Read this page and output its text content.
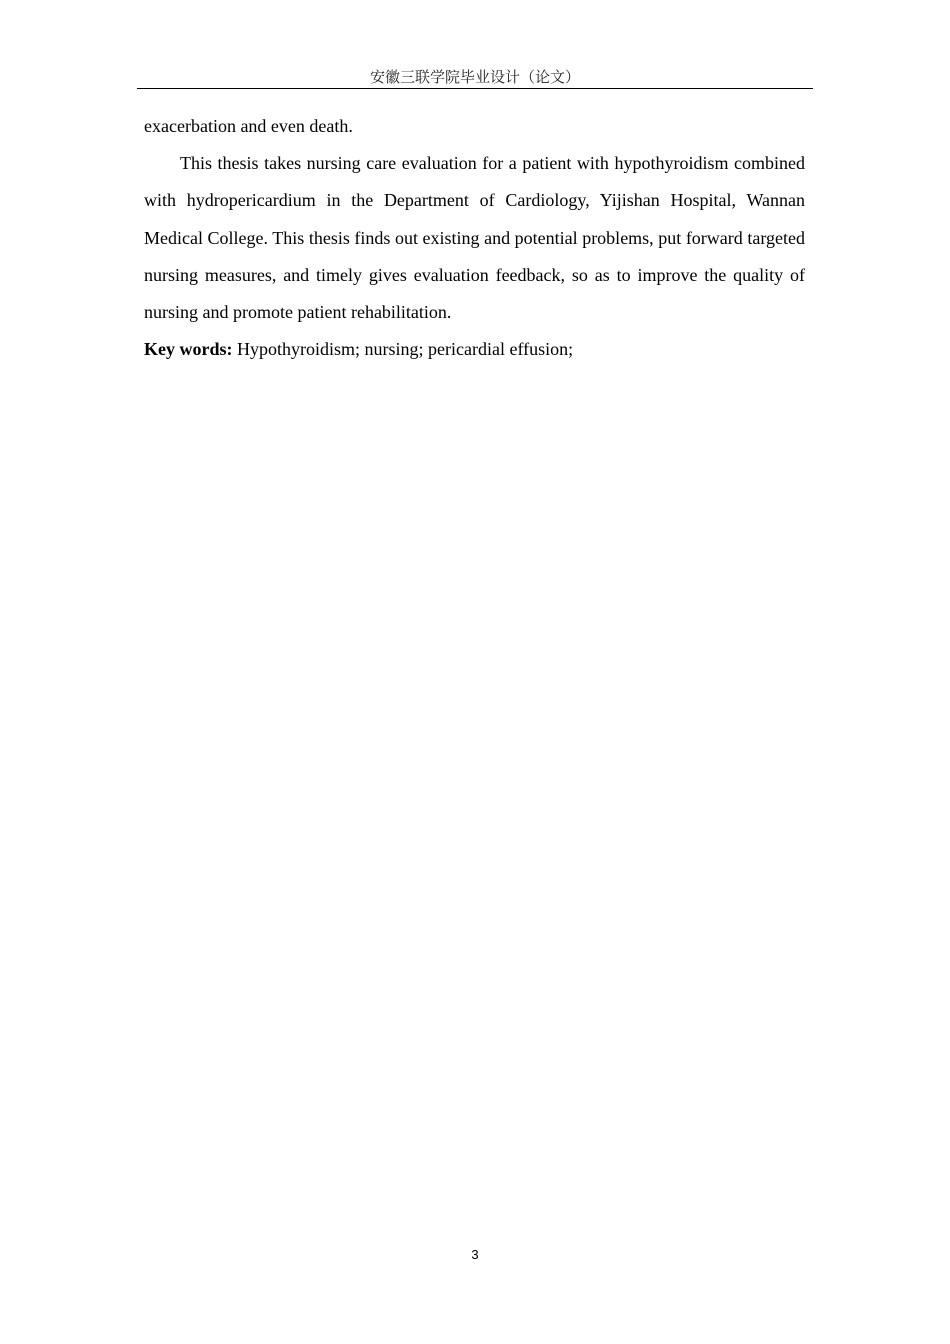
安徽三联学院毕业设计（论文）

exacerbation and even death.

This thesis takes nursing care evaluation for a patient with hypothyroidism combined with hydropericardium in the Department of Cardiology, Yijishan Hospital, Wannan Medical College. This thesis finds out existing and potential problems, put forward targeted nursing measures, and timely gives evaluation feedback, so as to improve the quality of nursing and promote patient rehabilitation.

Key words: Hypothyroidism; nursing; pericardial effusion;

3
